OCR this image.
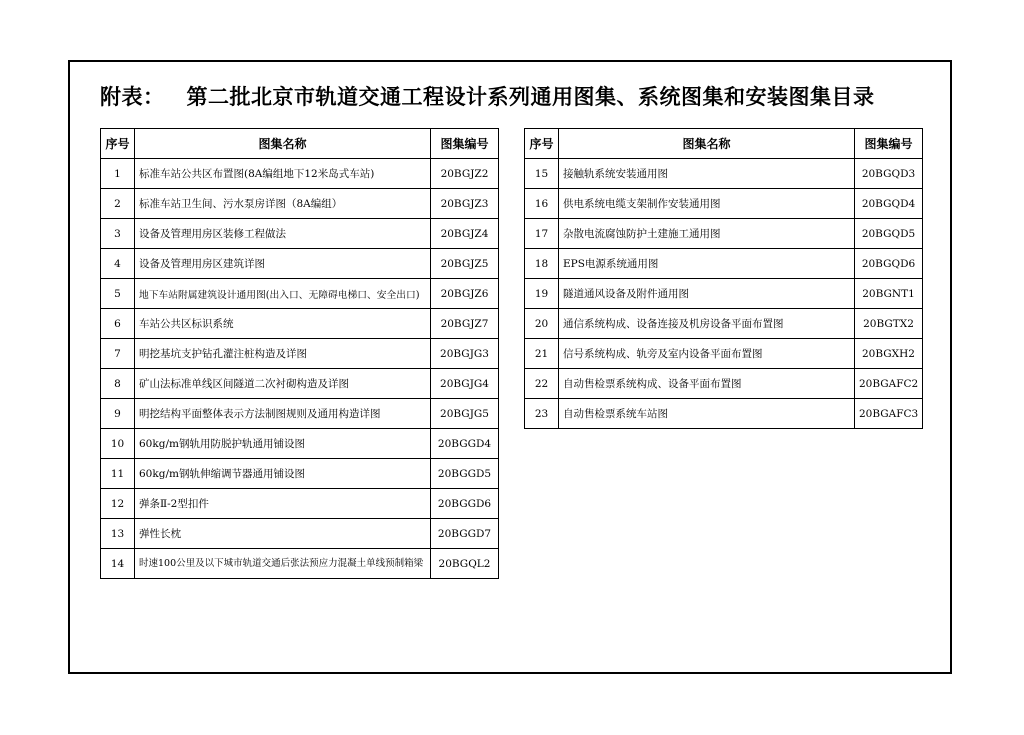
附表： 第二批北京市轨道交通工程设计系列通用图集、系统图集和安装图集目录
序号	图集名称	图集编号
1	标准车站公共区布置图(8A编组地下12米岛式车站)	20BGJZ2
2	标准车站卫生间、污水泵房详图（8A编组）	20BGJZ3
3	设备及管理用房区装修工程做法	20BGJZ4
4	设备及管理用房区建筑详图	20BGJZ5
5	地下车站附属建筑设计通用图(出入口、无障碍电梯口、安全出口)	20BGJZ6
6	车站公共区标识系统	20BGJZ7
7	明挖基坑支护钻孔灌注桩构造及详图	20BGJG3
8	矿山法标准单线区间隧道二次衬砌构造及详图	20BGJG4
9	明挖结构平面整体表示方法制图规则及通用构造详图	20BGJG5
10	60kg/m钢轨用防脱护轨通用铺设图	20BGGD4
11	60kg/m钢轨伸缩调节器通用铺设图	20BGGD5
12	弹条Ⅱ-2型扣件	20BGGD6
13	弹性长枕	20BGGD7
14	时速100公里及以下城市轨道交通后张法预应力混凝土单线预制箱梁	20BGQL2
序号	图集名称	图集编号
15	接触轨系统安装通用图	20BGQD3
16	供电系统电缆支架制作安装通用图	20BGQD4
17	杂散电流腐蚀防护土建施工通用图	20BGQD5
18	EPS电源系统通用图	20BGQD6
19	隧道通风设备及附件通用图	20BGNT1
20	通信系统构成、设备连接及机房设备平面布置图	20BGTX2
21	信号系统构成、轨旁及室内设备平面布置图	20BGXH2
22	自动售检票系统构成、设备平面布置图	20BGAFC2
23	自动售检票系统车站图	20BGAFC3
